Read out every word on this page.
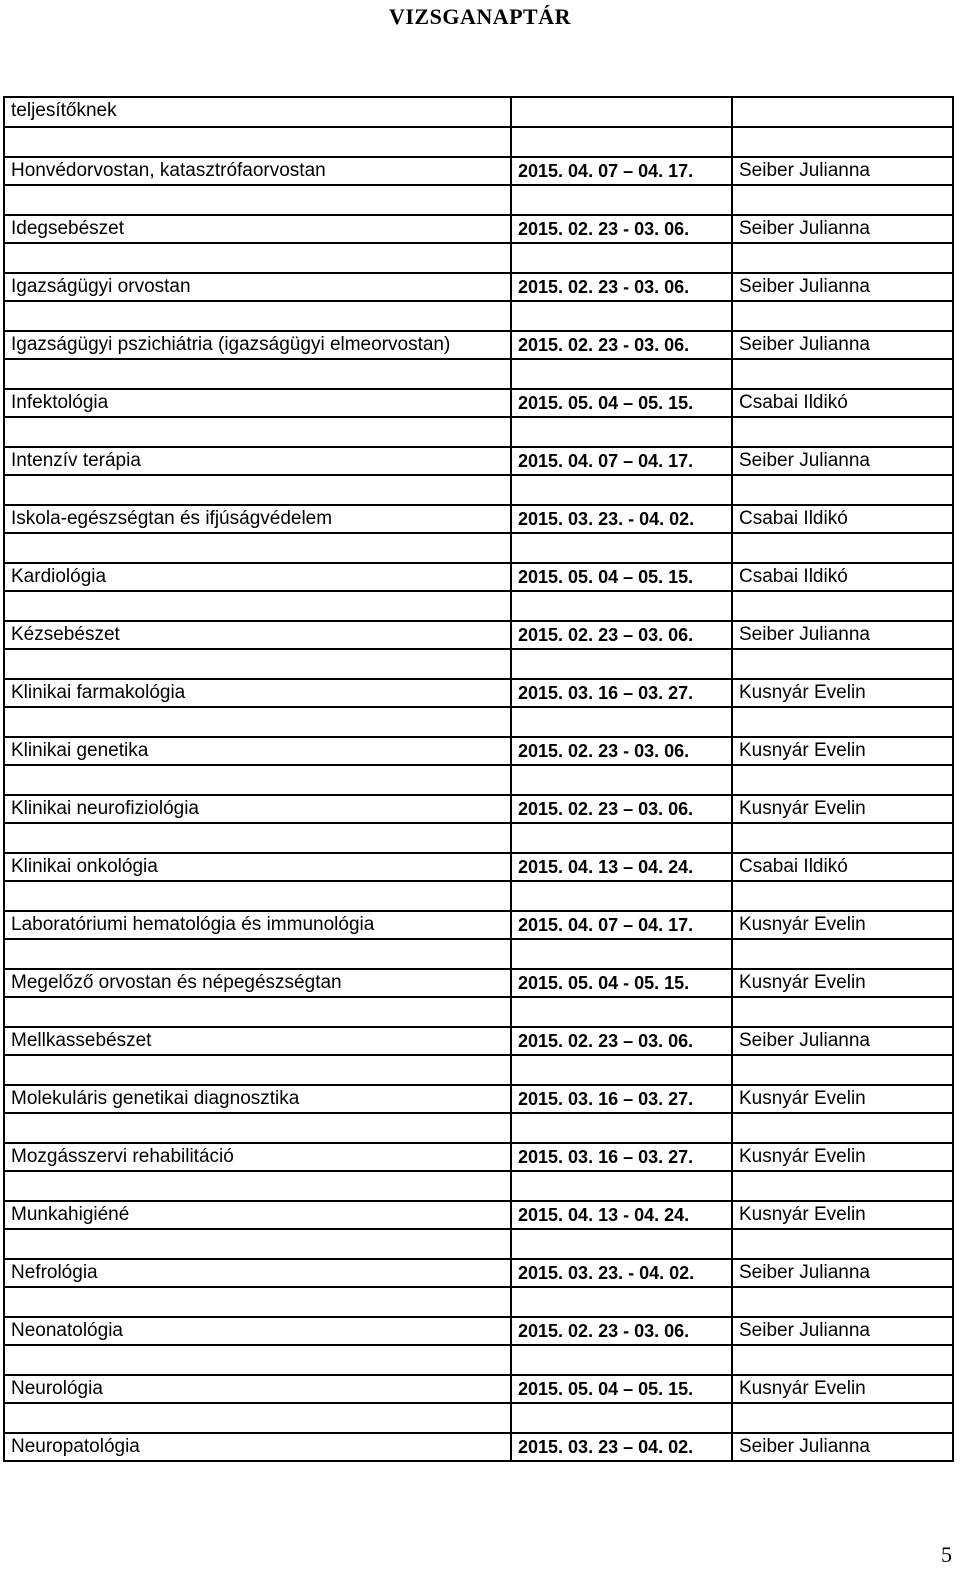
VIZSGANAPTÁR
teljesítőknek		

Honvédorvostan, katasztrófaorvostan	2015. 04. 07 – 04. 17.	Seiber Julianna

Idegsebészet	2015. 02. 23 - 03. 06.	Seiber Julianna

Igazságügyi orvostan	2015. 02. 23 - 03. 06.	Seiber Julianna

Igazságügyi pszichiátria (igazságügyi elmeorvostan)	2015. 02. 23 - 03. 06.	Seiber Julianna

Infektológia	2015. 05. 04 – 05. 15.	Csabai Ildikó

Intenzív terápia	2015. 04. 07 – 04. 17.	Seiber Julianna

Iskola-egészségtan és ifjúságvédelem	2015. 03. 23. - 04. 02.	Csabai Ildikó

Kardiológia	2015. 05. 04 – 05. 15.	Csabai Ildikó

Kézsebészet	2015. 02. 23 – 03. 06.	Seiber Julianna

Klinikai farmakológia	2015. 03. 16 – 03. 27.	Kusnyár Evelin

Klinikai genetika	2015. 02. 23 - 03. 06.	Kusnyár Evelin

Klinikai neurofiziológia	2015. 02. 23 – 03. 06.	Kusnyár Evelin

Klinikai onkológia	2015. 04. 13 – 04. 24.	Csabai Ildikó

Laboratóriumi hematológia és immunológia	2015. 04. 07 – 04. 17.	Kusnyár Evelin

Megelőző orvostan és népegészségtan	2015. 05. 04 - 05. 15.	Kusnyár Evelin

Mellkassebészet	2015. 02. 23 – 03. 06.	Seiber Julianna

Molekuláris genetikai diagnosztika	2015. 03. 16 – 03. 27.	Kusnyár Evelin

Mozgásszervi rehabilitáció	2015. 03. 16 – 03. 27.	Kusnyár Evelin

Munkahigiéné	2015. 04. 13 - 04. 24.	Kusnyár Evelin

Nefrológia	2015. 03. 23. - 04. 02.	Seiber Julianna

Neonatológia	2015. 02. 23 - 03. 06.	Seiber Julianna

Neurológia	2015. 05. 04 – 05. 15.	Kusnyár Evelin

Neuropatológia	2015. 03. 23 – 04. 02.	Seiber Julianna
5
